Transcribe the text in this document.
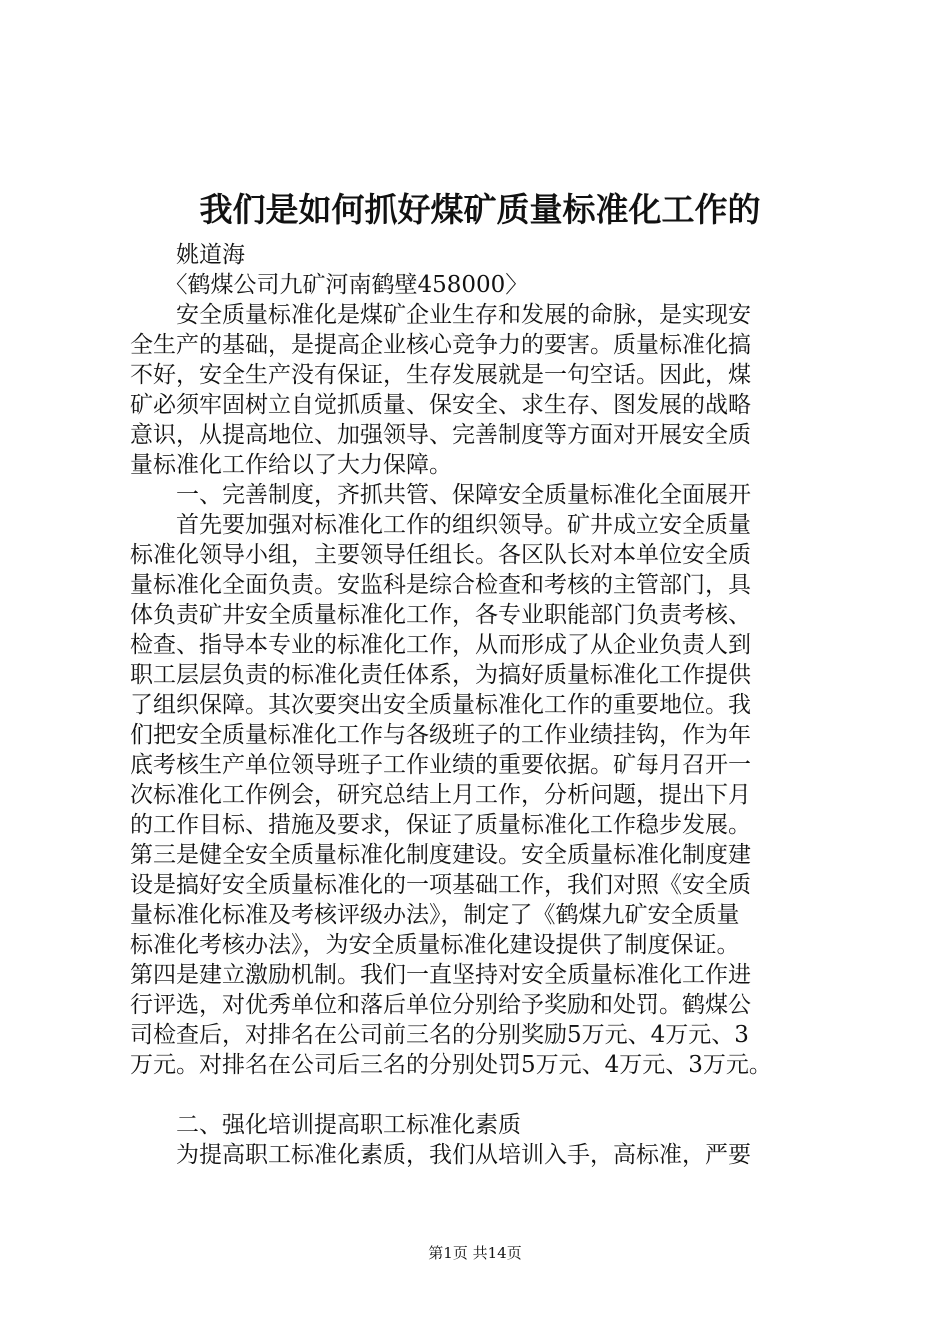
我们是如何抓好煤矿质量标准化工作的
　　姚道海
　　〈鹤煤公司九矿河南鹤壁458000〉
　　安全质量标准化是煤矿企业生存和发展的命脉，是实现安
全生产的基础，是提高企业核心竞争力的要害。质量标准化搞
不好，安全生产没有保证，生存发展就是一句空话。因此，煤
矿必须牢固树立自觉抓质量、保安全、求生存、图发展的战略
意识，从提高地位、加强领导、完善制度等方面对开展安全质
量标准化工作给以了大力保障。
　　一、完善制度，齐抓共管、保障安全质量标准化全面展开
　　首先要加强对标准化工作的组织领导。矿井成立安全质量
标准化领导小组，主要领导任组长。各区队长对本单位安全质
量标准化全面负责。安监科是综合检查和考核的主管部门，具
体负责矿井安全质量标准化工作，各专业职能部门负责考核、
检查、指导本专业的标准化工作，从而形成了从企业负责人到
职工层层负责的标准化责任体系，为搞好质量标准化工作提供
了组织保障。其次要突出安全质量标准化工作的重要地位。我
们把安全质量标准化工作与各级班子的工作业绩挂钩，作为年
底考核生产单位领导班子工作业绩的重要依据。矿每月召开一
次标准化工作例会，研究总结上月工作，分析问题，提出下月
的工作目标、措施及要求，保证了质量标准化工作稳步发展。
第三是健全安全质量标准化制度建设。安全质量标准化制度建
设是搞好安全质量标准化的一项基础工作，我们对照《安全质
量标准化标准及考核评级办法》，制定了《鹤煤九矿安全质量
标准化考核办法》，为安全质量标准化建设提供了制度保证。
第四是建立激励机制。我们一直坚持对安全质量标准化工作进
行评选，对优秀单位和落后单位分别给予奖励和处罚。鹤煤公
司检查后，对排名在公司前三名的分别奖励5万元、4万元、3
万元。对排名在公司后三名的分别处罚5万元、4万元、3万元。
　　二、强化培训提高职工标准化素质
　　为提高职工标准化素质，我们从培训入手，高标准，严要
第1页 共14页
